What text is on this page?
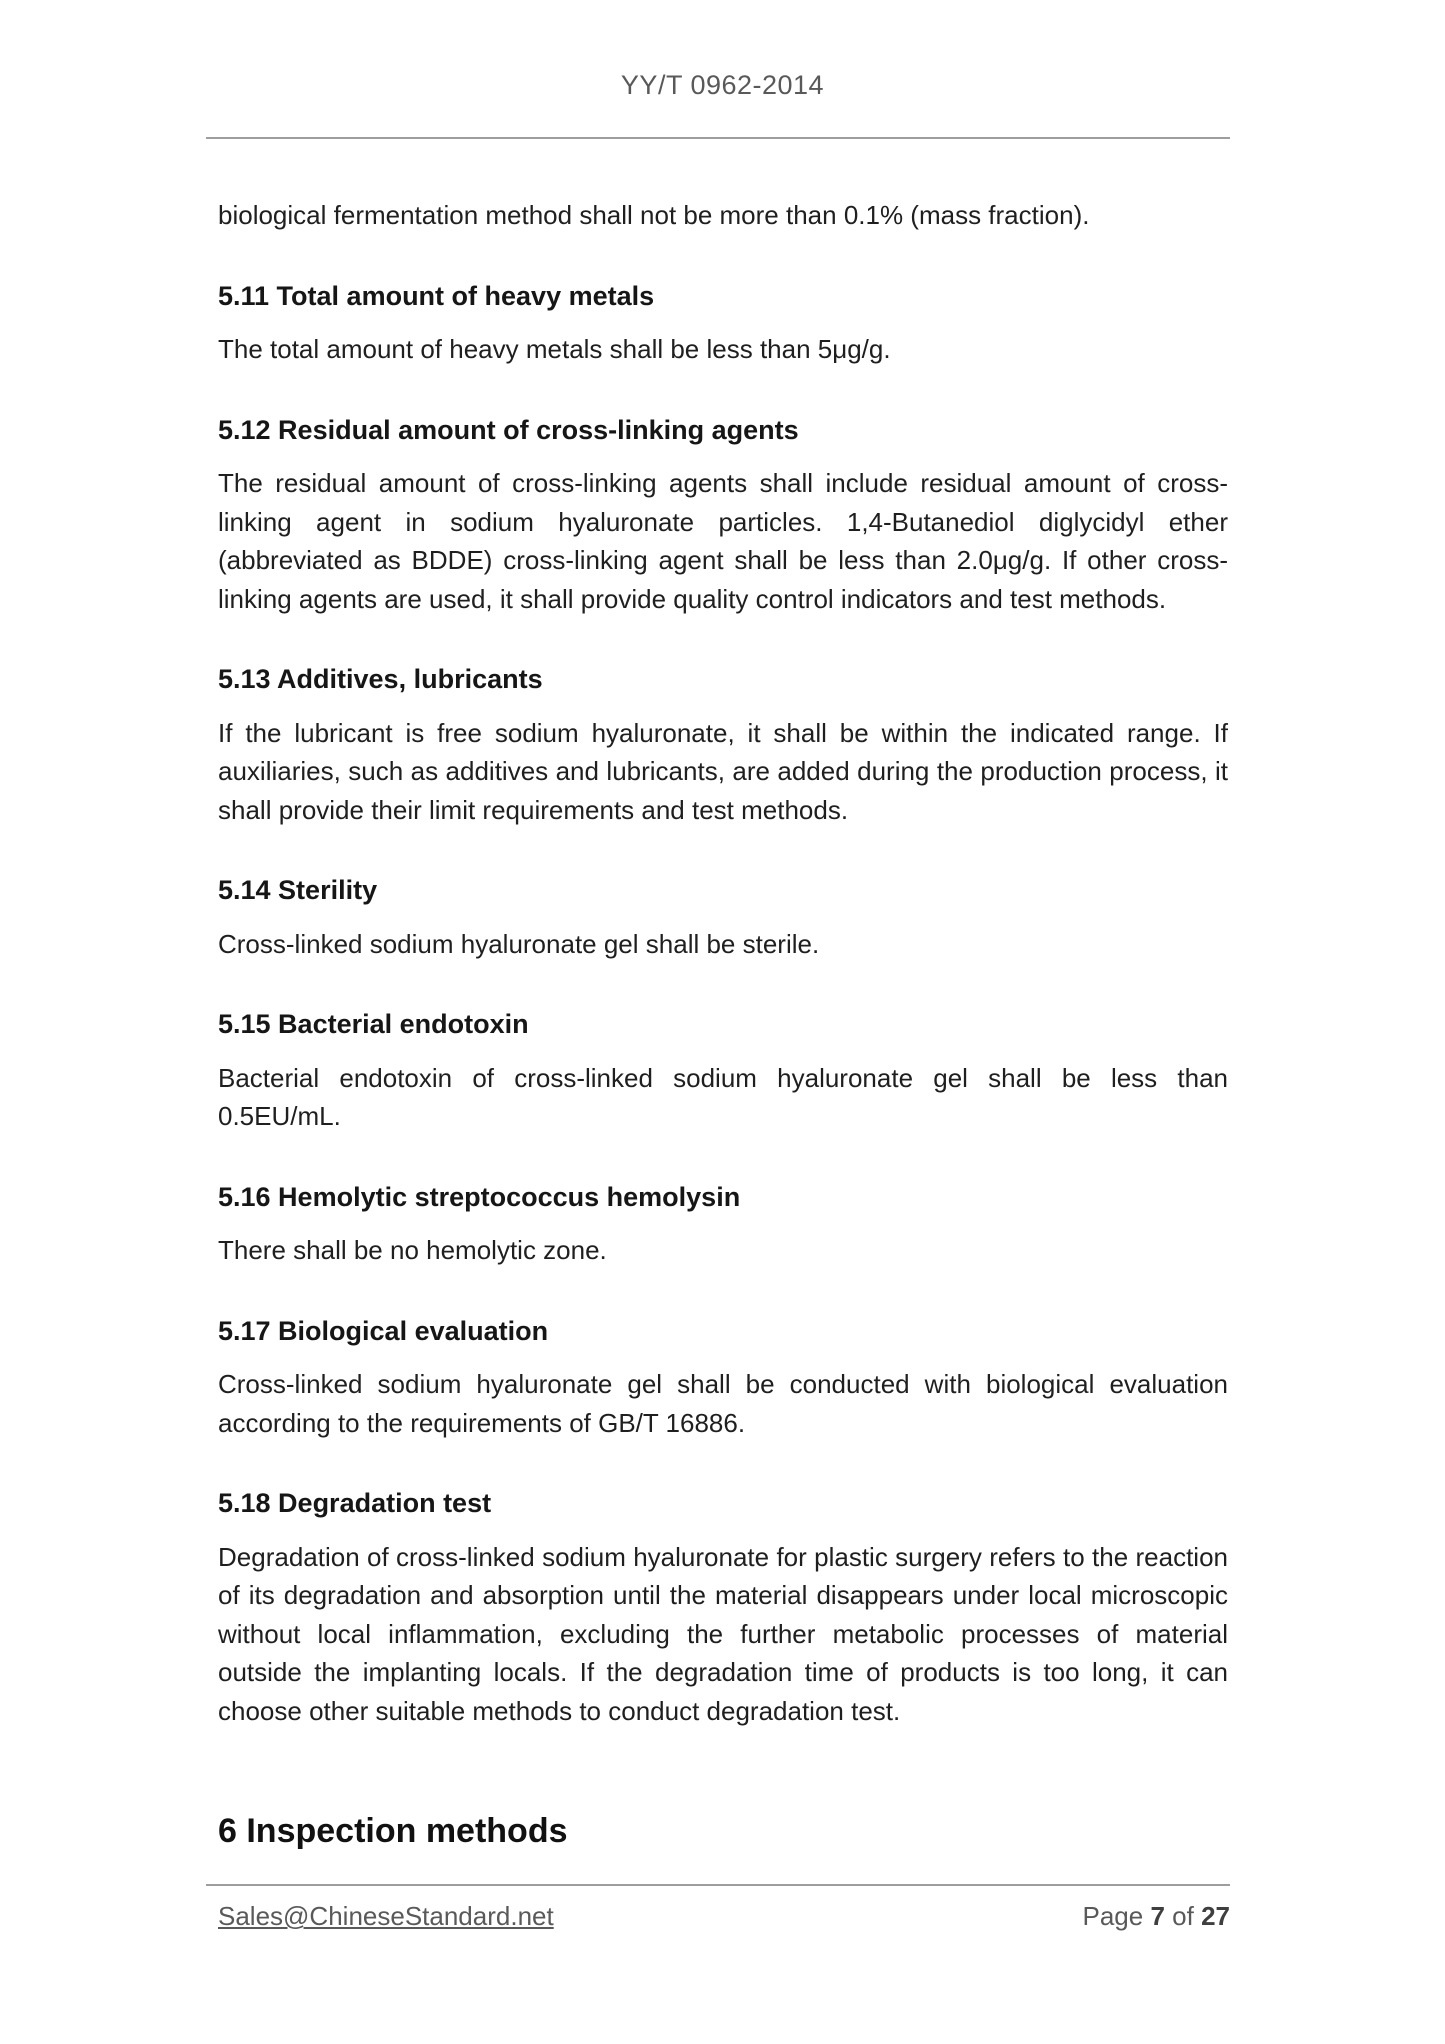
YY/T 0962-2014

biological fermentation method shall not be more than 0.1% (mass fraction).

5.11 Total amount of heavy metals

The total amount of heavy metals shall be less than 5μg/g.

5.12 Residual amount of cross-linking agents

The residual amount of cross-linking agents shall include residual amount of cross-linking agent in sodium hyaluronate particles. 1,4-Butanediol diglycidyl ether (abbreviated as BDDE) cross-linking agent shall be less than 2.0μg/g. If other cross-linking agents are used, it shall provide quality control indicators and test methods.

5.13 Additives, lubricants

If the lubricant is free sodium hyaluronate, it shall be within the indicated range. If auxiliaries, such as additives and lubricants, are added during the production process, it shall provide their limit requirements and test methods.

5.14 Sterility

Cross-linked sodium hyaluronate gel shall be sterile.

5.15 Bacterial endotoxin

Bacterial endotoxin of cross-linked sodium hyaluronate gel shall be less than 0.5EU/mL.

5.16 Hemolytic streptococcus hemolysin

There shall be no hemolytic zone.

5.17 Biological evaluation

Cross-linked sodium hyaluronate gel shall be conducted with biological evaluation according to the requirements of GB/T 16886.

5.18 Degradation test

Degradation of cross-linked sodium hyaluronate for plastic surgery refers to the reaction of its degradation and absorption until the material disappears under local microscopic without local inflammation, excluding the further metabolic processes of material outside the implanting locals. If the degradation time of products is too long, it can choose other suitable methods to conduct degradation test.

6 Inspection methods
Sales@ChineseStandard.net	Page 7 of 27
